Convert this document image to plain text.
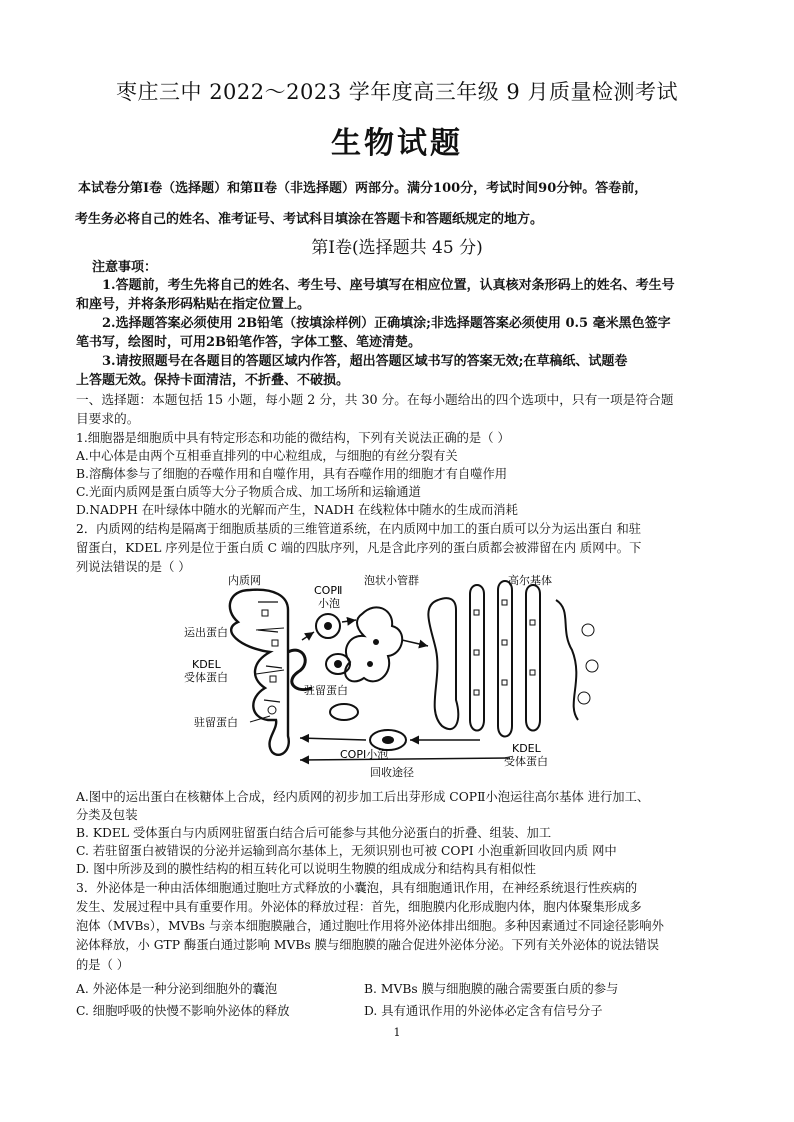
枣庄三中 2022～2023 学年度高三年级 9 月质量检测考试
生物试题
本试卷分第Ⅰ卷（选择题）和第Ⅱ卷（非选择题）两部分。满分100分，考试时间90分钟。答卷前，
考生务必将自己的姓名、准考证号、考试科目填涂在答题卡和答题纸规定的地方。
第Ⅰ卷(选择题共 45 分)
注意事项：
1.答题前，考生先将自己的姓名、考生号、座号填写在相应位置，认真核对条形码上的姓名、考生号
和座号，并将条形码粘贴在指定位置上。
2.选择题答案必须使用 2B铅笔（按填涂样例）正确填涂;非选择题答案必须使用 0.5 毫米黑色签字
笔书写，绘图时，可用2B铅笔作答，字体工整、笔迹清楚。
3.请按照题号在各题目的答题区域内作答，超出答题区域书写的答案无效;在草稿纸、试题卷
上答题无效。保持卡面清洁，不折叠、不破损。
一、选择题：本题包括 15 小题，每小题 2 分，共 30 分。在每小题给出的四个选项中，只有一项是符合题
目要求的。
1.细胞器是细胞质中具有特定形态和功能的微结构，下列有关说法正确的是（ ）
A.中心体是由两个互相垂直排列的中心粒组成，与细胞的有丝分裂有关
B.溶酶体参与了细胞的吞噬作用和自噬作用，具有吞噬作用的细胞才有自噬作用
C.光面内质网是蛋白质等大分子物质合成、加工场所和运输通道
D.NADPH 在叶绿体中随水的光解而产生，NADH 在线粒体中随水的生成而消耗
2．内质网的结构是隔离于细胞质基质的三维管道系统，在内质网中加工的蛋白质可以分为运出蛋白 和驻
留蛋白，KDEL 序列是位于蛋白质 C 端的四肽序列，凡是含此序列的蛋白质都会被滞留在内 质网中。下
列说法错误的是（ ）
内质网
COPⅡ
小泡
泡状小管群	高尔基体
运出蛋白
KDEL
受体蛋白
驻留蛋白
驻留蛋白
KDEL
受体蛋白
COPⅠ小泡
回收途径
A.图中的运出蛋白在核糖体上合成，经内质网的初步加工后出芽形成 COPⅡ小泡运往高尔基体 进行加工、
分类及包装
B. KDEL 受体蛋白与内质网驻留蛋白结合后可能参与其他分泌蛋白的折叠、组装、加工
C. 若驻留蛋白被错误的分泌并运输到高尔基体上，无须识别也可被 COPI 小泡重新回收回内质 网中
D. 图中所涉及到的膜性结构的相互转化可以说明生物膜的组成成分和结构具有相似性
3．外泌体是一种由活体细胞通过胞吐方式释放的小囊泡，具有细胞通讯作用，在神经系统退行性疾病的
发生、发展过程中具有重要作用。外泌体的释放过程：首先，细胞膜内化形成胞内体，胞内体聚集形成多
泡体（MVBs），MVBs 与亲本细胞膜融合，通过胞吐作用将外泌体排出细胞。多种因素通过不同途径影响外
泌体释放，小 GTP 酶蛋白通过影响 MVBs 膜与细胞膜的融合促进外泌体分泌。下列有关外泌体的说法错误
的是（ ）
A. 外泌体是一种分泌到细胞外的囊泡	B. MVBs 膜与细胞膜的融合需要蛋白质的参与
C. 细胞呼吸的快慢不影响外泌体的释放	D. 具有通讯作用的外泌体必定含有信号分子
1
